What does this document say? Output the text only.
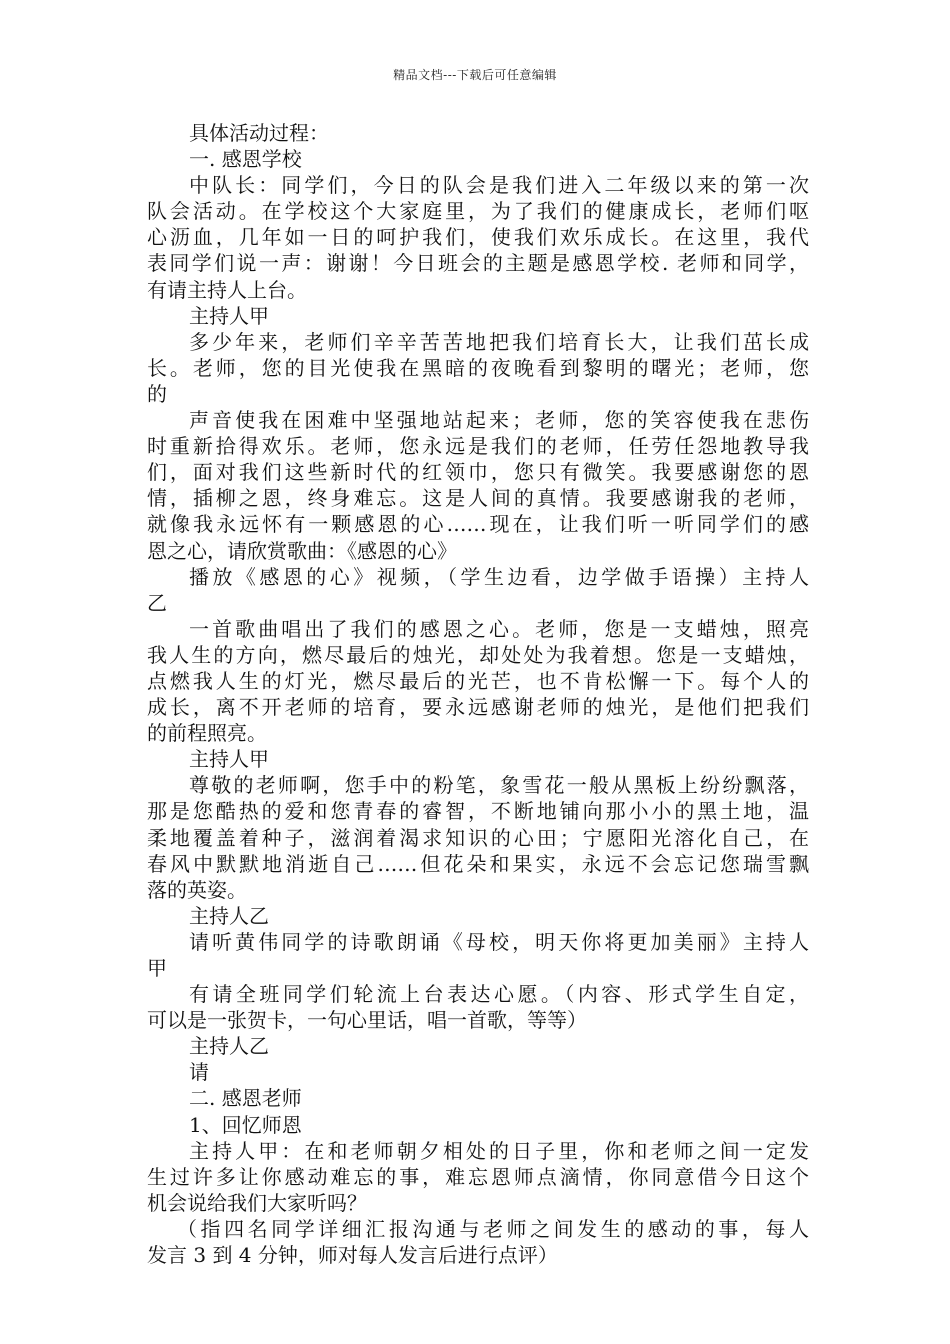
精品文档---下载后可任意编辑
具体活动过程：
一. 感恩学校
中队长：同学们，今日的队会是我们进入二年级以来的第一次
队会活动。在学校这个大家庭里，为了我们的健康成长，老师们呕
心沥血，几年如一日的呵护我们，使我们欢乐成长。在这里，我代
表同学们说一声：谢谢！今日班会的主题是感恩学校. 老师和同学，
有请主持人上台。
主持人甲
多少年来，老师们辛辛苦苦地把我们培育长大，让我们茁长成
长。老师，您的目光使我在黑暗的夜晚看到黎明的曙光；老师，您
的
声音使我在困难中坚强地站起来；老师，您的笑容使我在悲伤
时重新拾得欢乐。老师，您永远是我们的老师，任劳任怨地教导我
们，面对我们这些新时代的红领巾，您只有微笑。我要感谢您的恩
情，插柳之恩，终身难忘。这是人间的真情。我要感谢我的老师，
就像我永远怀有一颗感恩的心……现在，让我们听一听同学们的感
恩之心，请欣赏歌曲：《感恩的心》
播放《感恩的心》视频，（学生边看，边学做手语操）主持人
乙
一首歌曲唱出了我们的感恩之心。老师，您是一支蜡烛，照亮
我人生的方向，燃尽最后的烛光，却处处为我着想。您是一支蜡烛，
点燃我人生的灯光，燃尽最后的光芒，也不肯松懈一下。每个人的
成长，离不开老师的培育，要永远感谢老师的烛光，是他们把我们
的前程照亮。
主持人甲
尊敬的老师啊，您手中的粉笔，象雪花一般从黑板上纷纷飘落，
那是您酷热的爱和您青春的睿智，不断地铺向那小小的黑土地，温
柔地覆盖着种子，滋润着渴求知识的心田；宁愿阳光溶化自己，在
春风中默默地消逝自己……但花朵和果实，永远不会忘记您瑞雪飘
落的英姿。
主持人乙
请听黄伟同学的诗歌朗诵《母校，明天你将更加美丽》主持人
甲
有请全班同学们轮流上台表达心愿。（内容、形式学生自定，
可以是一张贺卡，一句心里话，唱一首歌，等等）
主持人乙
请
二. 感恩老师
1、回忆师恩
主持人甲：在和老师朝夕相处的日子里，你和老师之间一定发
生过许多让你感动难忘的事，难忘恩师点滴情，你同意借今日这个
机会说给我们大家听吗？
（指四名同学详细汇报沟通与老师之间发生的感动的事，每人
发言 3 到 4 分钟，师对每人发言后进行点评）
